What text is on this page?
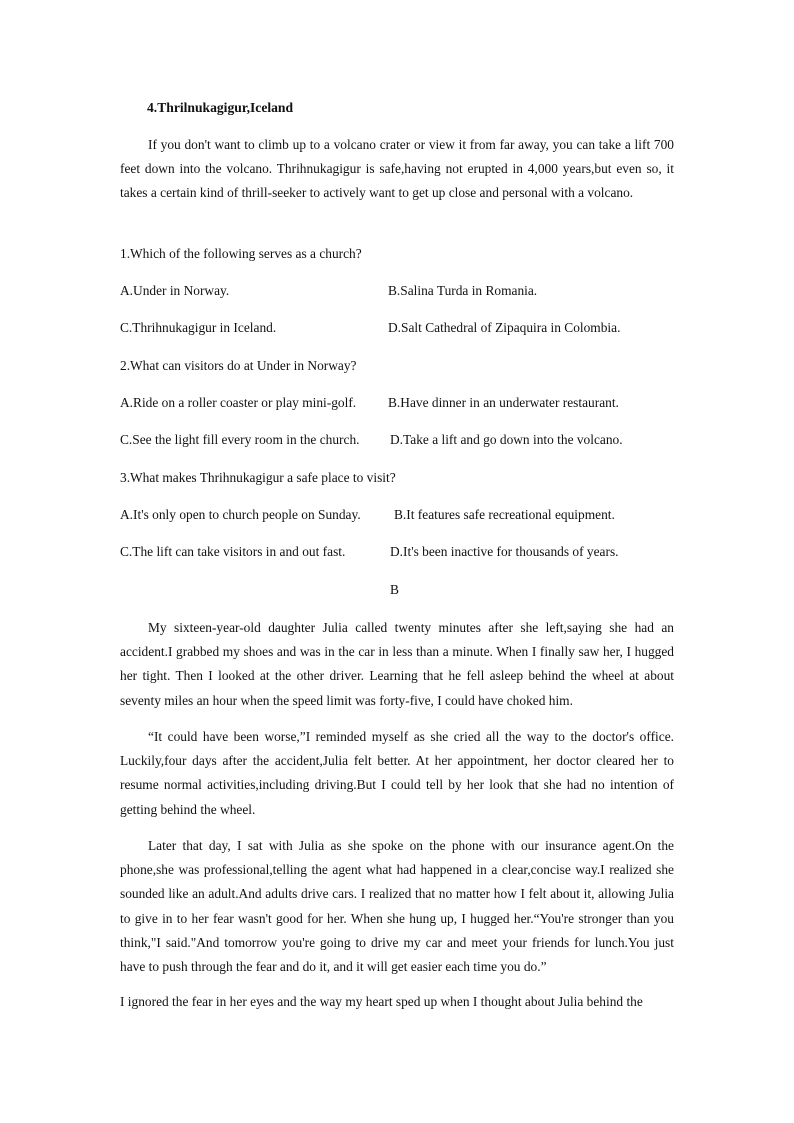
4.Thrilnukagigur,Iceland

If you don't want to climb up to a volcano crater or view it from far away, you can take a lift 700 feet down into the volcano. Thrihnukagigur is safe,having not erupted in 4,000 years,but even so, it takes a certain kind of thrill-seeker to actively want to get up close and personal with a volcano.

1.Which of the following serves as a church?

A.Under in Norway.	B.Salina Turda in Romania.

C.Thrihnukagigur in Iceland.	D.Salt Cathedral of Zipaquira in Colombia.

2.What can visitors do at Under in Norway?

A.Ride on a roller coaster or play mini-golf. B.Have dinner in an underwater restaurant.

C.See the light fill every room in the church. D.Take a lift and go down into the volcano.

3.What makes Thrihnukagigur a safe place to visit?

A.It's only open to church people on Sunday. B.It features safe recreational equipment.

C.The lift can take visitors in and out fast.	D.It's been inactive for thousands of years.

B

My sixteen-year-old daughter Julia called twenty minutes after she left,saying she had an accident.I grabbed my shoes and was in the car in less than a minute. When I finally saw her, I hugged her tight. Then I looked at the other driver. Learning that he fell asleep behind the wheel at about seventy miles an hour when the speed limit was forty-five, I could have choked him.

“It could have been worse,”I reminded myself as she cried all the way to the doctor's office. Luckily,four days after the accident,Julia felt better. At her appointment, her doctor cleared her to resume normal activities,including driving.But I could tell by her look that she had no intention of getting behind the wheel.

Later that day, I sat with Julia as she spoke on the phone with our insurance agent.On the phone,she was professional,telling the agent what had happened in a clear,concise way.I realized she sounded like an adult.And adults drive cars. I realized that no matter how I felt about it, allowing Julia to give in to her fear wasn't good for her. When she hung up, I hugged her.“You're stronger than you think,"I said."And tomorrow you're going to drive my car and meet your friends for lunch.You just have to push through the fear and do it, and it will get easier each time you do.”

I ignored the fear in her eyes and the way my heart sped up when I thought about Julia behind the
